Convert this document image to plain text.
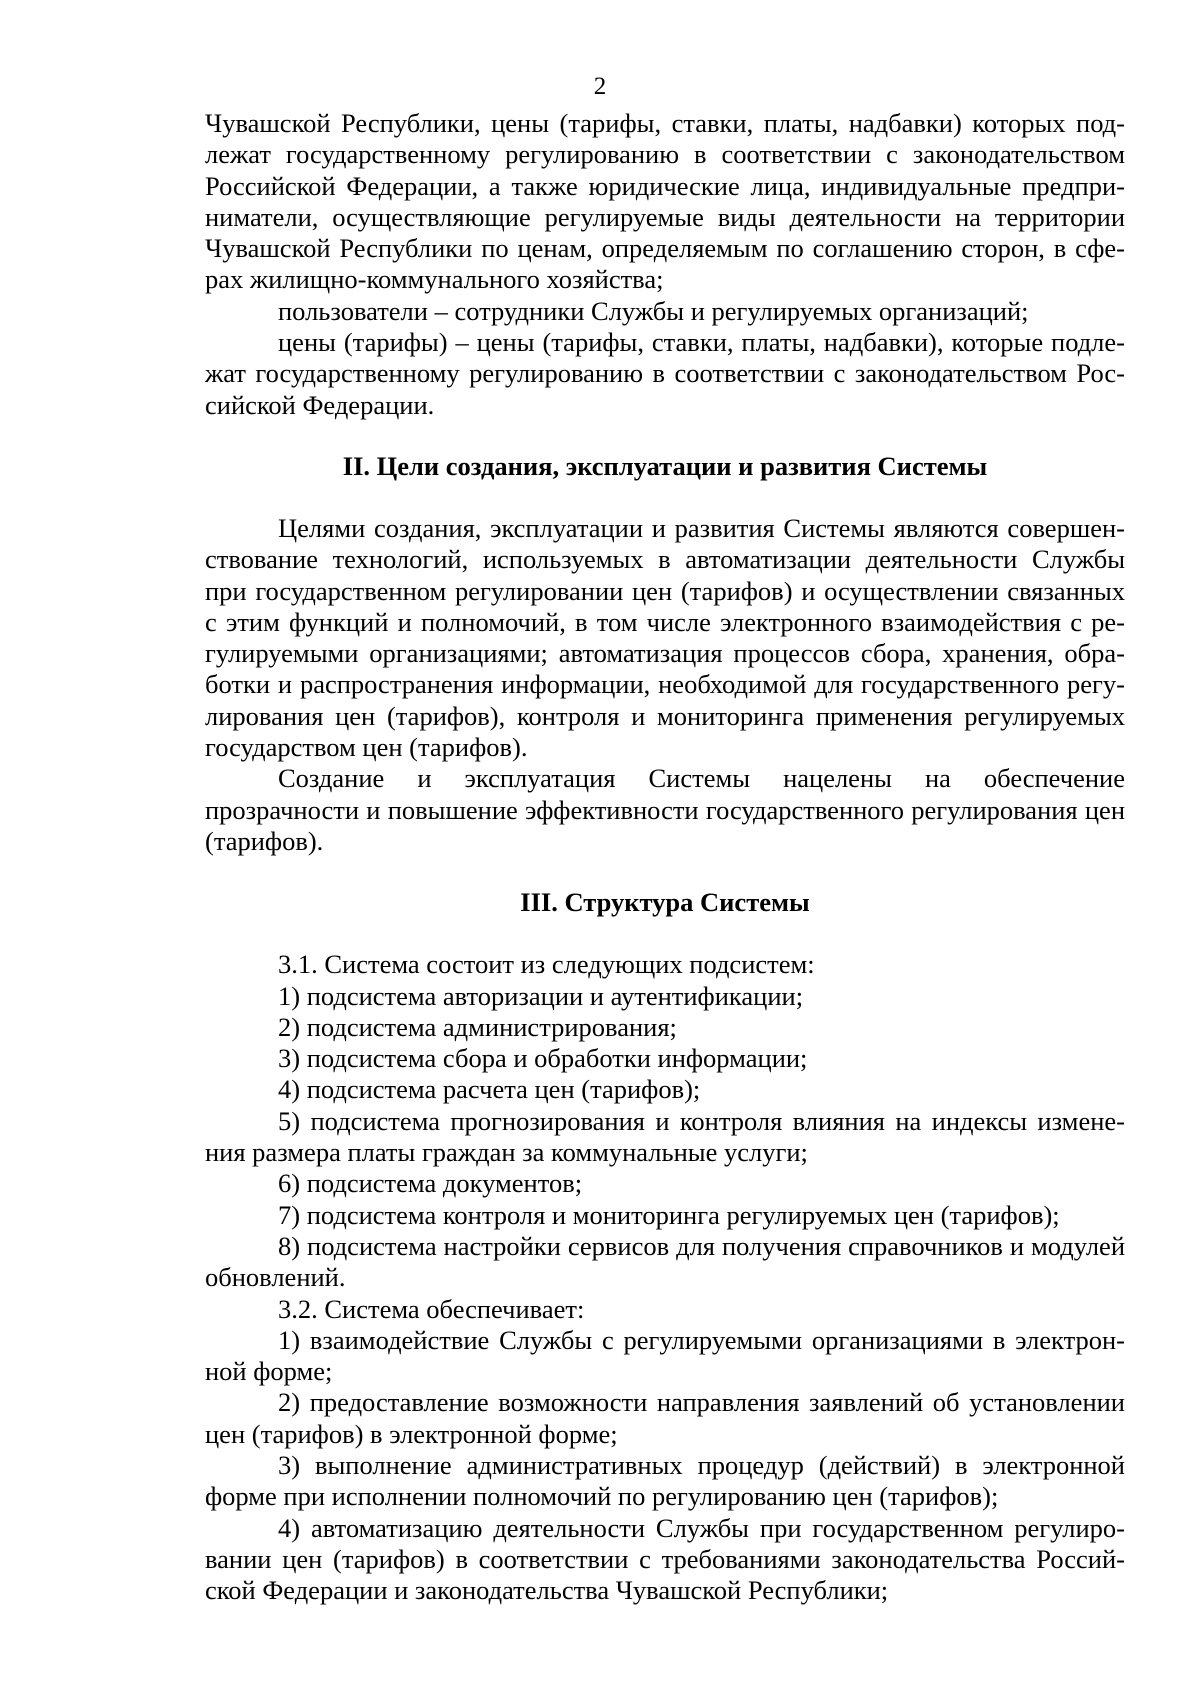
2

Чувашской Республики, цены (тарифы, ставки, платы, надбавки) которых подлежат государственному регулированию в соответствии с законодательством Российской Федерации, а также юридические лица, индивидуальные предприниматели, осуществляющие регулируемые виды деятельности на территории Чувашской Республики по ценам, определяемым по соглашению сторон, в сферах жилищно-коммунального хозяйства;

пользователи – сотрудники Службы и регулируемых организаций;

цены (тарифы) – цены (тарифы, ставки, платы, надбавки), которые подлежат государственному регулированию в соответствии с законодательством Российской Федерации.

II. Цели создания, эксплуатации и развития Системы

Целями создания, эксплуатации и развития Системы являются совершенствование технологий, используемых в автоматизации деятельности Службы при государственном регулировании цен (тарифов) и осуществлении связанных с этим функций и полномочий, в том числе электронного взаимодействия с регулируемыми организациями; автоматизация процессов сбора, хранения, обработки и распространения информации, необходимой для государственного регулирования цен (тарифов), контроля и мониторинга применения регулируемых государством цен (тарифов).

Создание и эксплуатация Системы нацелены на обеспечение прозрачности и повышение эффективности государственного регулирования цен (тарифов).

III. Структура Системы

3.1. Система состоит из следующих подсистем:

1) подсистема авторизации и аутентификации;

2) подсистема администрирования;

3) подсистема сбора и обработки информации;

4) подсистема расчета цен (тарифов);

5) подсистема прогнозирования и контроля влияния на индексы изменения размера платы граждан за коммунальные услуги;

6) подсистема документов;

7) подсистема контроля и мониторинга регулируемых цен (тарифов);

8) подсистема настройки сервисов для получения справочников и модулей обновлений.

3.2. Система обеспечивает:

1) взаимодействие Службы с регулируемыми организациями в электронной форме;

2) предоставление возможности направления заявлений об установлении цен (тарифов) в электронной форме;

3) выполнение административных процедур (действий) в электронной форме при исполнении полномочий по регулированию цен (тарифов);

4) автоматизацию деятельности Службы при государственном регулировании цен (тарифов) в соответствии с требованиями законодательства Российской Федерации и законодательства Чувашской Республики;
